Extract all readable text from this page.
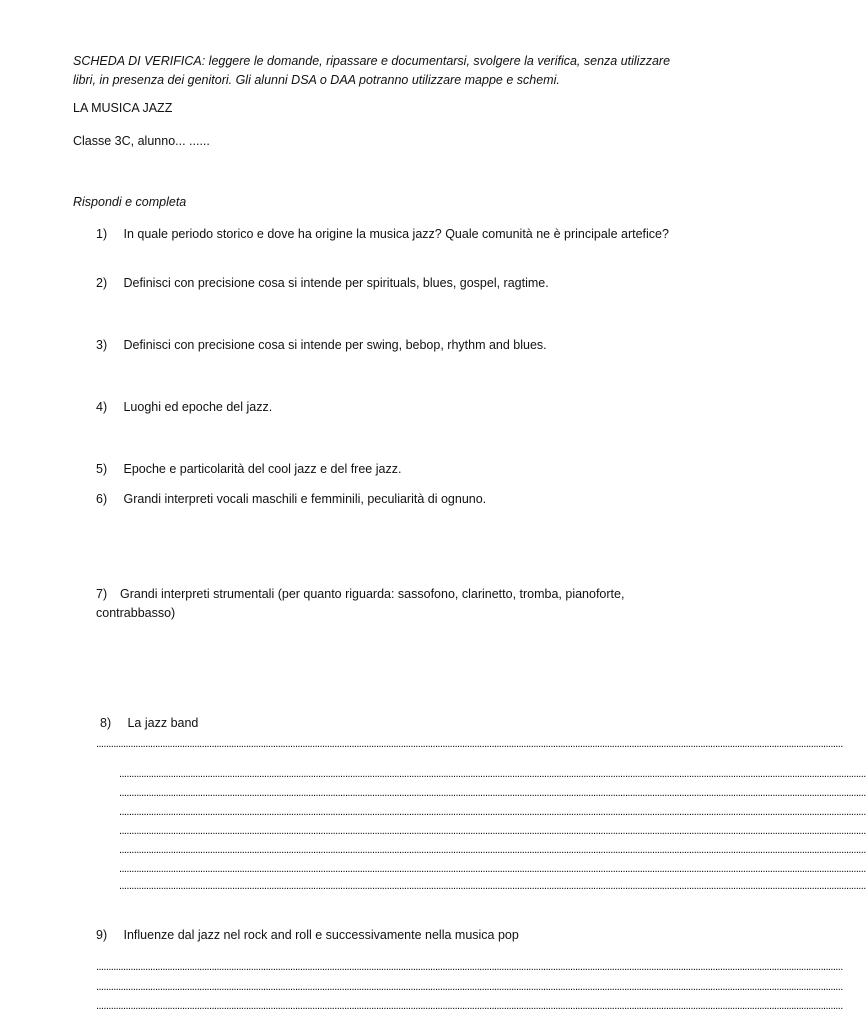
SCHEDA DI VERIFICA: leggere le domande, ripassare e documentarsi, svolgere la verifica, senza utilizzare libri, in presenza dei genitori. Gli alunni DSA o DAA potranno utilizzare mappe e schemi.
LA MUSICA JAZZ
Classe 3C, alunno... ......
Rispondi e completa
1) In quale periodo storico e dove ha origine la musica jazz? Quale comunità ne è principale artefice?
2) Definisci con precisione cosa si intende per spirituals, blues, gospel, ragtime.
3) Definisci con precisione cosa si intende per swing, bebop, rhythm and blues.
4) Luoghi ed epoche del jazz.
5) Epoche e particolarità del cool jazz e del free jazz.
6) Grandi interpreti vocali maschili e femminili, peculiarità di ognuno.
7) Grandi interpreti strumentali (per quanto riguarda: sassofono, clarinetto, tromba, pianoforte, contrabbasso)
8) La jazz band
................................................................................................................................................................................................................................................................................................................
................................................................................................................................................................................................................................................................................................................
................................................................................................................................................................................................................................................................................................................
................................................................................................................................................................................................................................................................................................................
................................................................................................................................................................................................................................................................................................................
................................................................................................................................................................................................................................................................................................................
................................................................................................................................................................................................................................................................................................................
................................................................................................................................................................................................................................................................................................................
9) Influenze dal jazz nel rock and roll e successivamente nella musica pop
................................................................................................................................................................................................................................................................................................................
................................................................................................................................................................................................................................................................................................................
................................................................................................................................................................................................................................................................................................................
